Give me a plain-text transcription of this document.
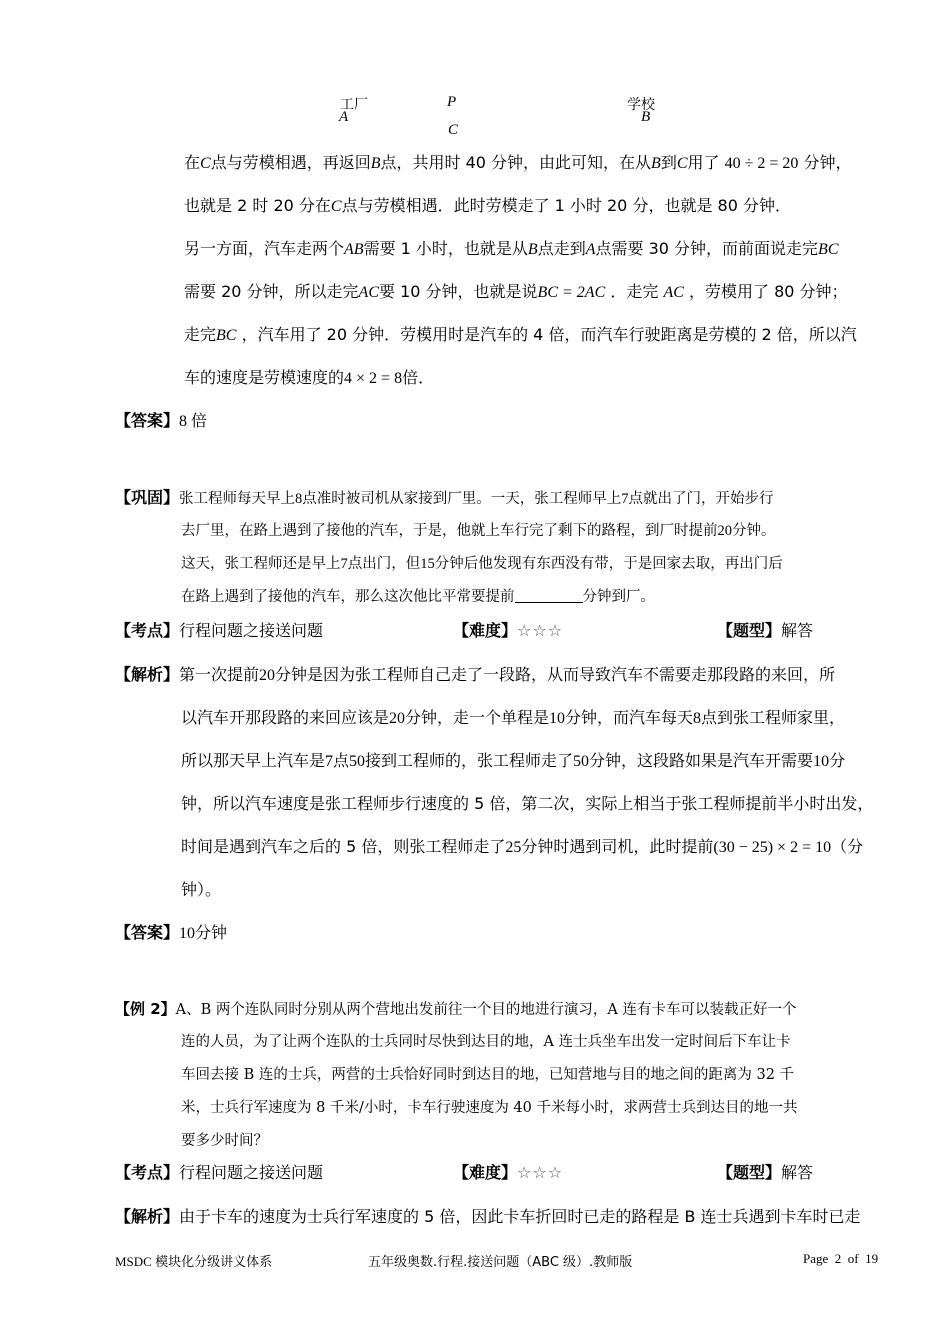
工厂
A
P
C
学校
B
在C点与劳模相遇，再返回B点，共用时 40 分钟，由此可知，在从B到C用了 40 ÷ 2 = 20 分钟，
也就是 2 时 20 分在C点与劳模相遇．此时劳模走了 1 小时 20 分，也就是 80 分钟．
另一方面，汽车走两个AB需要 1 小时，也就是从B点走到A点需要 30 分钟，而前面说走完BC
需要 20 分钟，所以走完AC要 10 分钟，也就是说BC = 2AC ．走完 AC ，劳模用了 80 分钟；
走完BC ，汽车用了 20 分钟．劳模用时是汽车的 4 倍，而汽车行驶距离是劳模的 2 倍，所以汽
车的速度是劳模速度的4 × 2 = 8倍．
【答案】8 倍
【巩固】张工程师每天早上8点准时被司机从家接到厂里。一天，张工程师早上7点就出了门，开始步行
去厂里，在路上遇到了接他的汽车，于是，他就上车行完了剩下的路程，到厂时提前20分钟。
这天，张工程师还是早上7点出门，但15分钟后他发现有东西没有带，于是回家去取，再出门后
在路上遇到了接他的汽车，那么这次他比平常要提前	分钟到厂。
【考点】行程问题之接送问题	【难度】☆☆☆	【题型】解答
【解析】第一次提前20分钟是因为张工程师自己走了一段路，从而导致汽车不需要走那段路的来回，所
以汽车开那段路的来回应该是20分钟，走一个单程是10分钟，而汽车每天8点到张工程师家里，
所以那天早上汽车是7点50接到工程师的，张工程师走了50分钟，这段路如果是汽车开需要10分
钟，所以汽车速度是张工程师步行速度的 5 倍，第二次，实际上相当于张工程师提前半小时出发，
时间是遇到汽车之后的 5 倍，则张工程师走了25分钟时遇到司机，此时提前(30 − 25) × 2 = 10（分
钟）。
【答案】10分钟
【例 2】A、B 两个连队同时分别从两个营地出发前往一个目的地进行演习，A 连有卡车可以装载正好一个
连的人员，为了让两个连队的士兵同时尽快到达目的地，A 连士兵坐车出发一定时间后下车让卡
车回去接 B 连的士兵，两营的士兵恰好同时到达目的地，已知营地与目的地之间的距离为 32 千
米，士兵行军速度为 8 千米/小时，卡车行驶速度为 40 千米每小时，求两营士兵到达目的地一共
要多少时间？
【考点】行程问题之接送问题	【难度】☆☆☆	【题型】解答
【解析】由于卡车的速度为士兵行军速度的 5 倍，因此卡车折回时已走的路程是 B 连士兵遇到卡车时已走
MSDC 模块化分级讲义体系	五年级奥数.行程.接送问题（ABC 级）.教师版	Page 2 of 19
